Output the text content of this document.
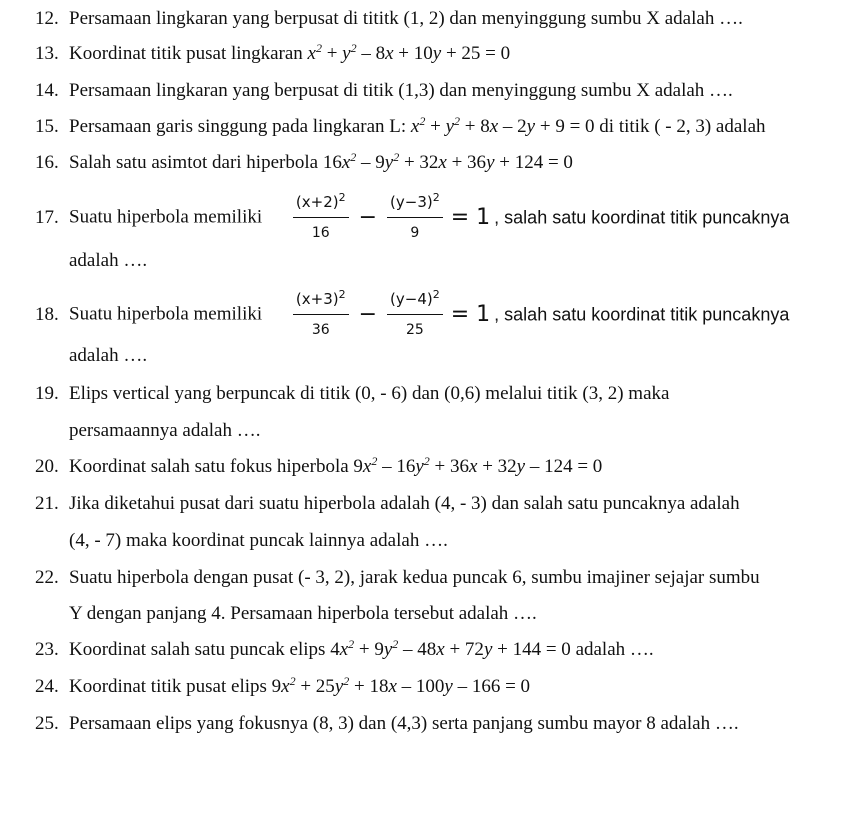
12. Persamaan lingkaran yang berpusat di tititk (1, 2) dan menyinggung sumbu X adalah ….
13. Koordinat titik pusat lingkaran $x^2 + y^2 - 8x + 10y + 25 = 0$
14. Persamaan lingkaran yang berpusat di titik (1,3) dan menyinggung sumbu X adalah ….
15. Persamaan garis singgung pada lingkaran L: $x^2 + y^2 + 8x - 2y + 9 = 0$ di titik ( - 2, 3) adalah
16. Salah satu asimtot dari hiperbola $16x^2 - 9y^2 + 32x + 36y + 124 = 0$
17. Suatu hiperbola memiliki $\frac{(x+2)^2}{16} - \frac{(y-3)^2}{9} = 1$ , salah satu koordinat titik puncaknya
adalah ….
18. Suatu hiperbola memiliki $\frac{(x+3)^2}{36} - \frac{(y-4)^2}{25} = 1$ , salah satu koordinat titik puncaknya
adalah ….
19. Elips vertical yang berpuncak di titik (0, - 6) dan (0,6) melalui titik (3, 2) maka
persamaannya adalah ….
20. Koordinat salah satu fokus hiperbola $9x^2 - 16y^2 + 36x + 32y - 124 = 0$
21. Jika diketahui pusat dari suatu hiperbola adalah (4, - 3) dan salah satu puncaknya adalah
(4, - 7) maka koordinat puncak lainnya adalah ….
22. Suatu hiperbola dengan pusat (- 3, 2), jarak kedua puncak 6, sumbu imajiner sejajar sumbu
Y dengan panjang 4. Persamaan hiperbola tersebut adalah ….
23. Koordinat salah satu puncak elips $4x^2 + 9y^2 - 48x + 72y + 144 = 0$ adalah ….
24. Koordinat titik pusat elips $9x^2 + 25y^2 + 18x - 100y - 166 = 0$
25. Persamaan elips yang fokusnya (8, 3) dan (4,3) serta panjang sumbu mayor 8 adalah ….
